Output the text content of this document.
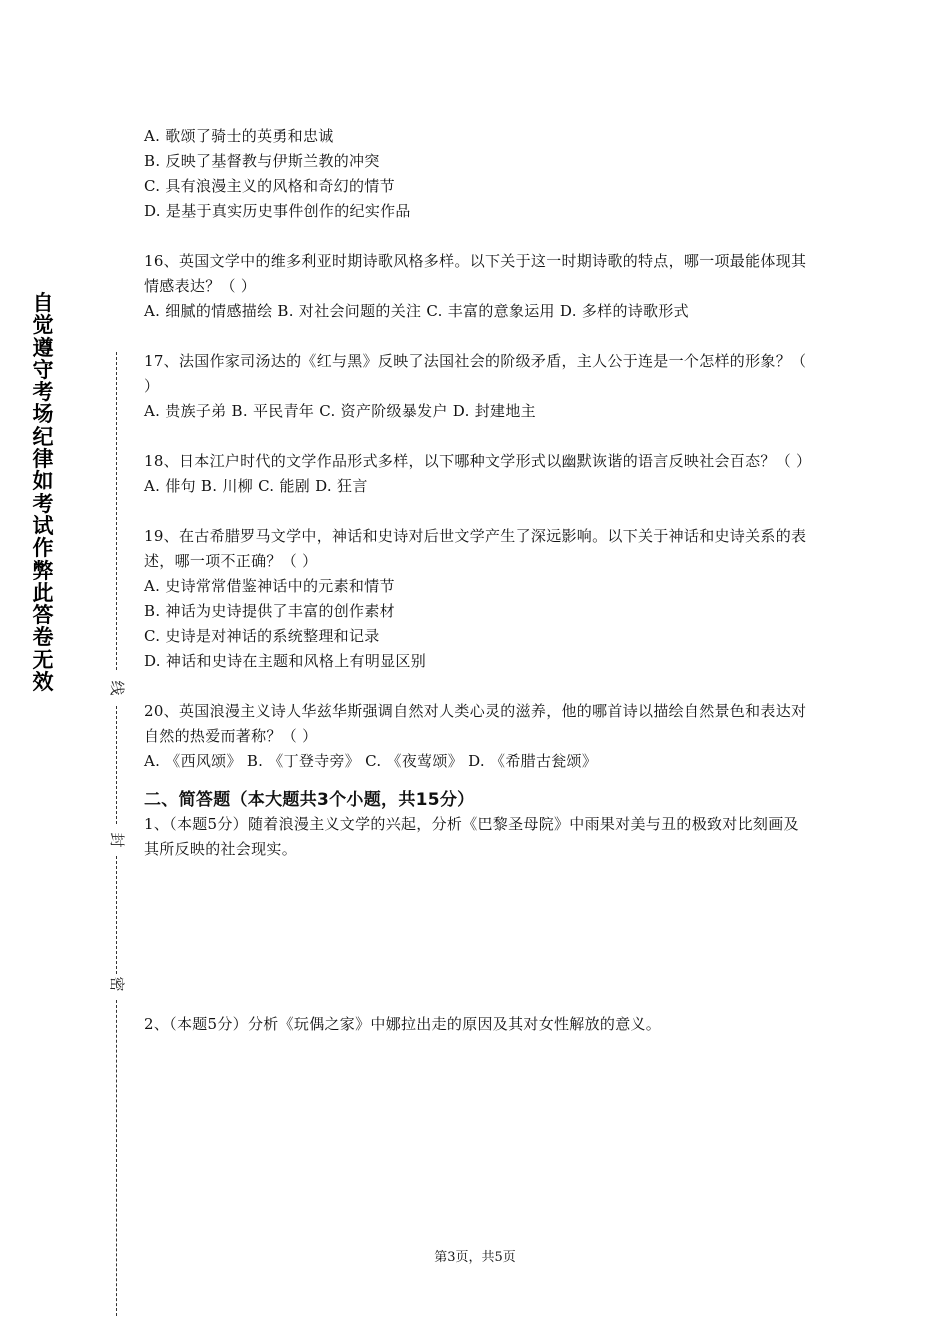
自觉遵守考场纪律如考试作弊此答卷无效	线
封
密
A. 歌颂了骑士的英勇和忠诚
B. 反映了基督教与伊斯兰教的冲突
C. 具有浪漫主义的风格和奇幻的情节
D. 是基于真实历史事件创作的纪实作品
16、英国文学中的维多利亚时期诗歌风格多样。以下关于这一时期诗歌的特点，哪一项最能体现其情感表达？（ ）
A. 细腻的情感描绘 B. 对社会问题的关注 C. 丰富的意象运用 D. 多样的诗歌形式
17、法国作家司汤达的《红与黑》反映了法国社会的阶级矛盾，主人公于连是一个怎样的形象？（ ）
A. 贵族子弟 B. 平民青年 C. 资产阶级暴发户 D. 封建地主
18、日本江户时代的文学作品形式多样，以下哪种文学形式以幽默诙谐的语言反映社会百态？（ ）
A. 俳句 B. 川柳 C. 能剧 D. 狂言
19、在古希腊罗马文学中，神话和史诗对后世文学产生了深远影响。以下关于神话和史诗关系的表述，哪一项不正确？（ ）
A. 史诗常常借鉴神话中的元素和情节
B. 神话为史诗提供了丰富的创作素材
C. 史诗是对神话的系统整理和记录
D. 神话和史诗在主题和风格上有明显区别
20、英国浪漫主义诗人华兹华斯强调自然对人类心灵的滋养，他的哪首诗以描绘自然景色和表达对自然的热爱而著称？（ ）
A. 《西风颂》 B. 《丁登寺旁》 C. 《夜莺颂》 D. 《希腊古瓮颂》
二、简答题（本大题共3个小题，共15分）
1、（本题5分）随着浪漫主义文学的兴起，分析《巴黎圣母院》中雨果对美与丑的极致对比刻画及其所反映的社会现实。
2、（本题5分）分析《玩偶之家》中娜拉出走的原因及其对女性解放的意义。
第3页，共5页
